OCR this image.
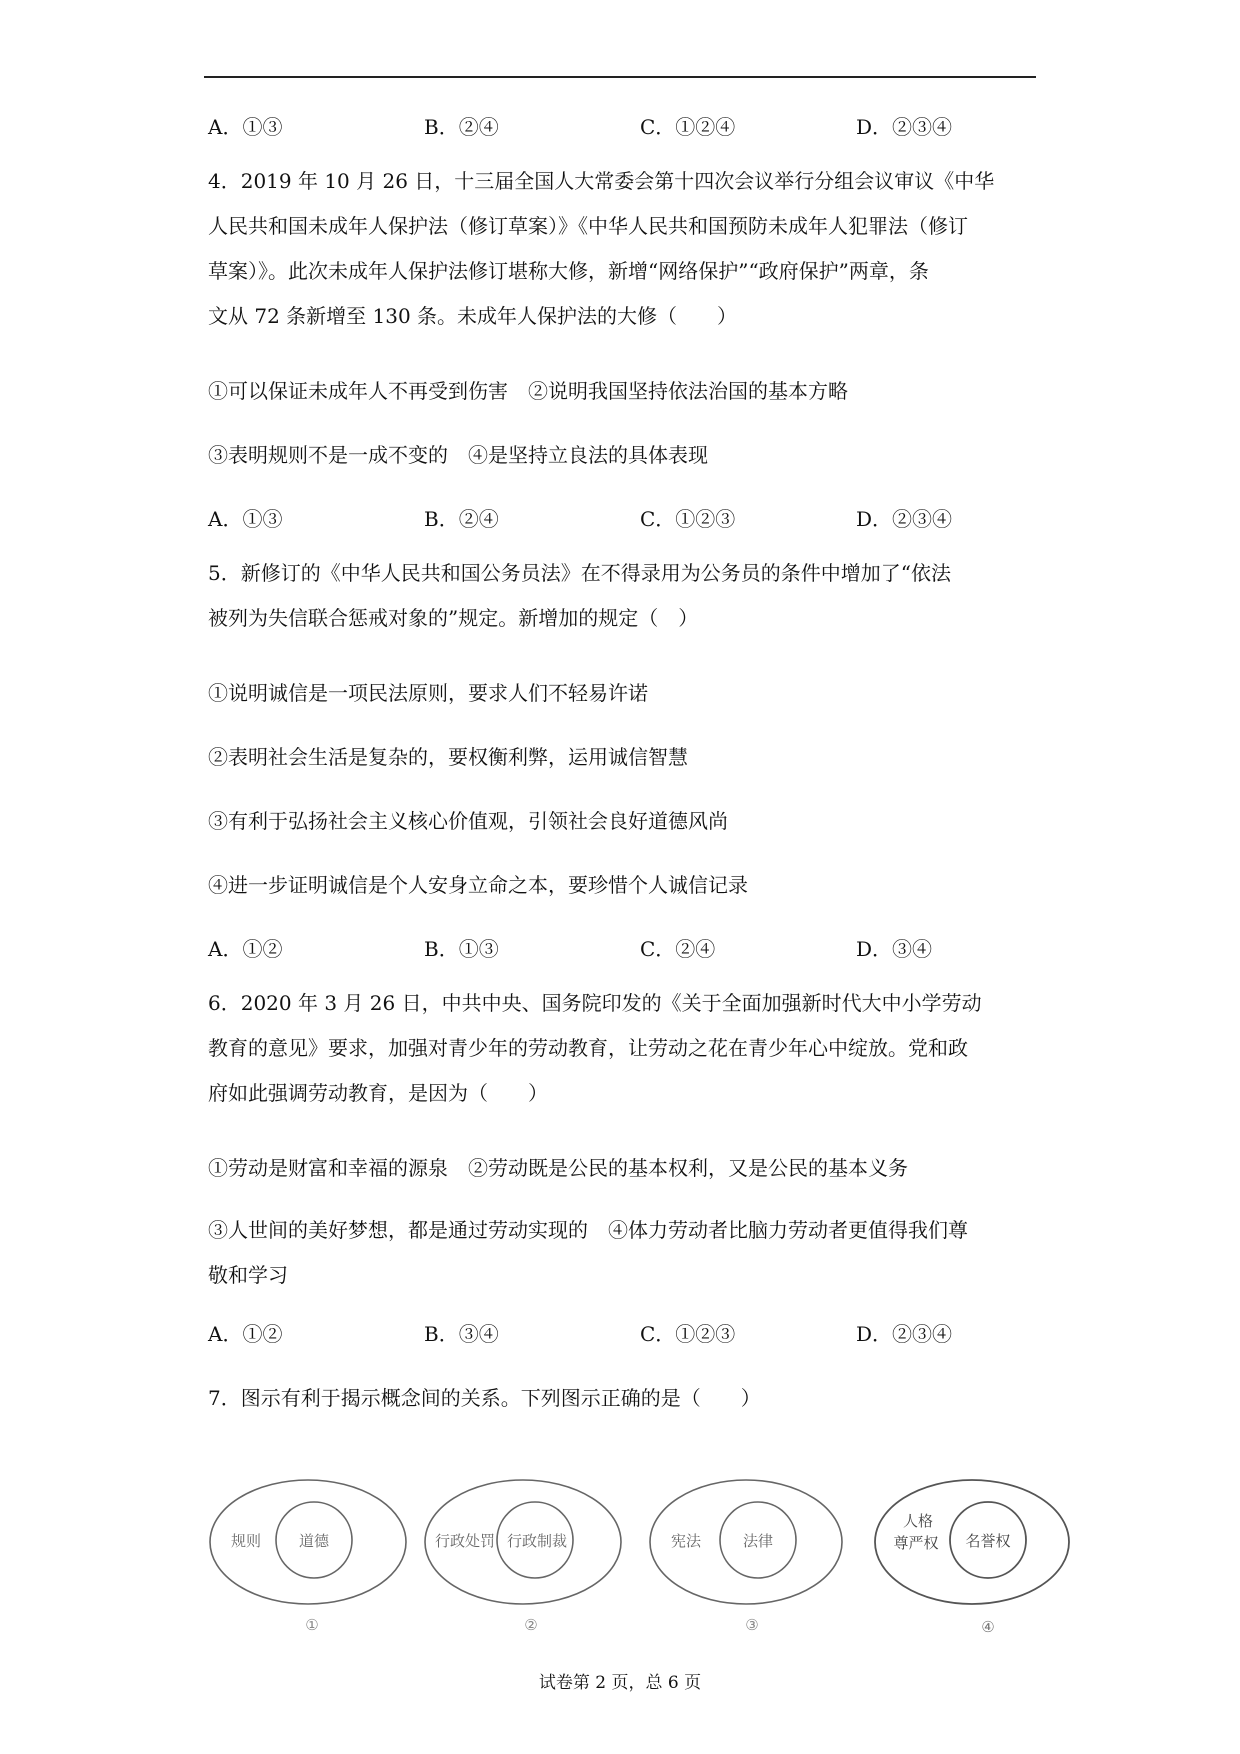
A．①③	B．②④	C．①②④	D．②③④
4．2019 年 10 月 26 日，十三届全国人大常委会第十四次会议举行分组会议审议《中华
人民共和国未成年人保护法（修订草案）》《中华人民共和国预防未成年人犯罪法（修订
草案）》。此次未成年人保护法修订堪称大修，新增“网络保护”“政府保护”两章，条
文从 72 条新增至 130 条。未成年人保护法的大修（　　）
①可以保证未成年人不再受到伤害　②说明我国坚持依法治国的基本方略
③表明规则不是一成不变的　④是坚持立良法的具体表现
A．①③	B．②④	C．①②③	D．②③④
5．新修订的《中华人民共和国公务员法》在不得录用为公务员的条件中增加了“依法
被列为失信联合惩戒对象的”规定。新增加的规定（　）
①说明诚信是一项民法原则，要求人们不轻易许诺
②表明社会生活是复杂的，要权衡利弊，运用诚信智慧
③有利于弘扬社会主义核心价值观，引领社会良好道德风尚
④进一步证明诚信是个人安身立命之本，要珍惜个人诚信记录
A．①②	B．①③	C．②④	D．③④
6．2020 年 3 月 26 日，中共中央、国务院印发的《关于全面加强新时代大中小学劳动
教育的意见》要求，加强对青少年的劳动教育，让劳动之花在青少年心中绽放。党和政
府如此强调劳动教育，是因为（　　）
①劳动是财富和幸福的源泉　②劳动既是公民的基本权利，又是公民的基本义务
③人世间的美好梦想，都是通过劳动实现的　④体力劳动者比脑力劳动者更值得我们尊
敬和学习
A．①②	B．③④	C．①②③	D．②③④
7．图示有利于揭示概念间的关系。下列图示正确的是（　　）
规则	道德
①
行政处罚 行政制裁
②
宪法	法律
③
人格
尊严权 名誉权
④
试卷第 2 页，总 6 页
